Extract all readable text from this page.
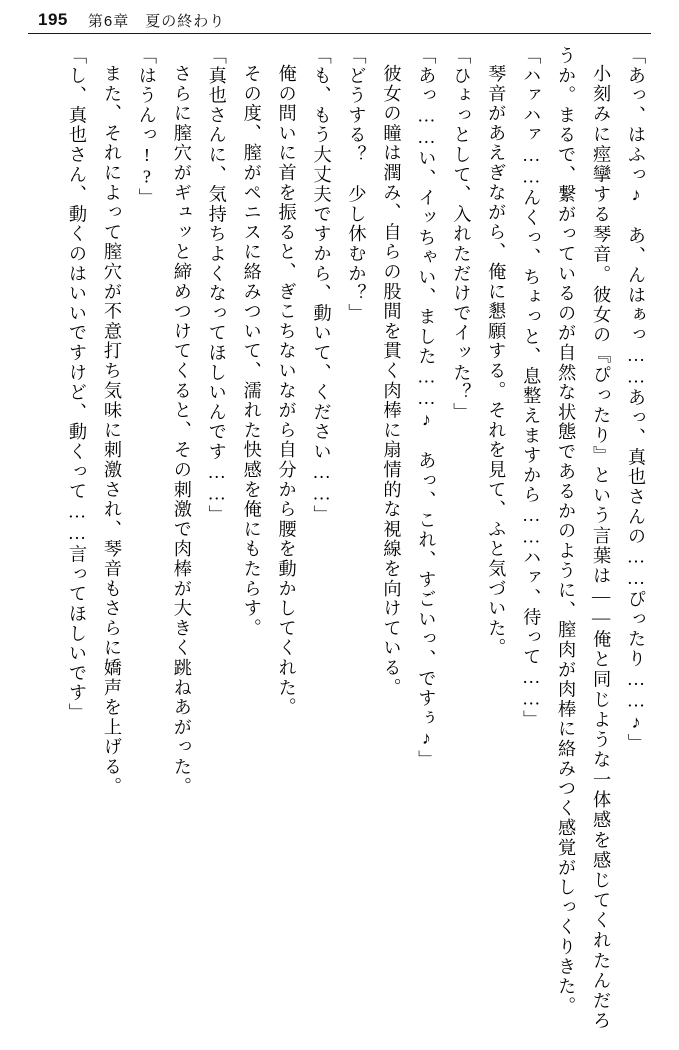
195 第6章　夏の終わり

「あっ、はふっ♪　あ、んはぁっ……あっ、真也さんの……ぴったり……♪」

小刻みに痙攣する琴音。彼女の『ぴったり』という言葉は――俺と同じような一体感を感じてくれたんだろうか。まるで、繋がっているのが自然な状態であるかのように、膣肉が肉棒に絡みつく感覚がしっくりきた。

「ハァハァ……んくっ、ちょっと、息整えますから……ハァ、待って……」

琴音があえぎながら、俺に懇願する。それを見て、ふと気づいた。

「ひょっとして、入れただけでイッた？」

「あっ……い、イッちゃい、ました……♪　あっ、これ、すごいっ、ですぅ♪」

彼女の瞳は潤み、自らの股間を貫く肉棒に扇情的な視線を向けている。

「どうする？　少し休むか？」

「も、もう大丈夫ですから、動いて、ください……」

俺の問いに首を振ると、ぎこちないながら自分から腰を動かしてくれた。

その度、膣がペニスに絡みついて、濡れた快感を俺にもたらす。

「真也さんに、気持ちよくなってほしいんです……」

さらに膣穴がギュッと締めつけてくると、その刺激で肉棒が大きく跳ねあがった。

「はうんっ!?」

また、それによって膣穴が不意打ち気味に刺激され、琴音もさらに嬌声を上げる。

「し、真也さん、動くのはいいですけど、動くって……言ってほしいです」
